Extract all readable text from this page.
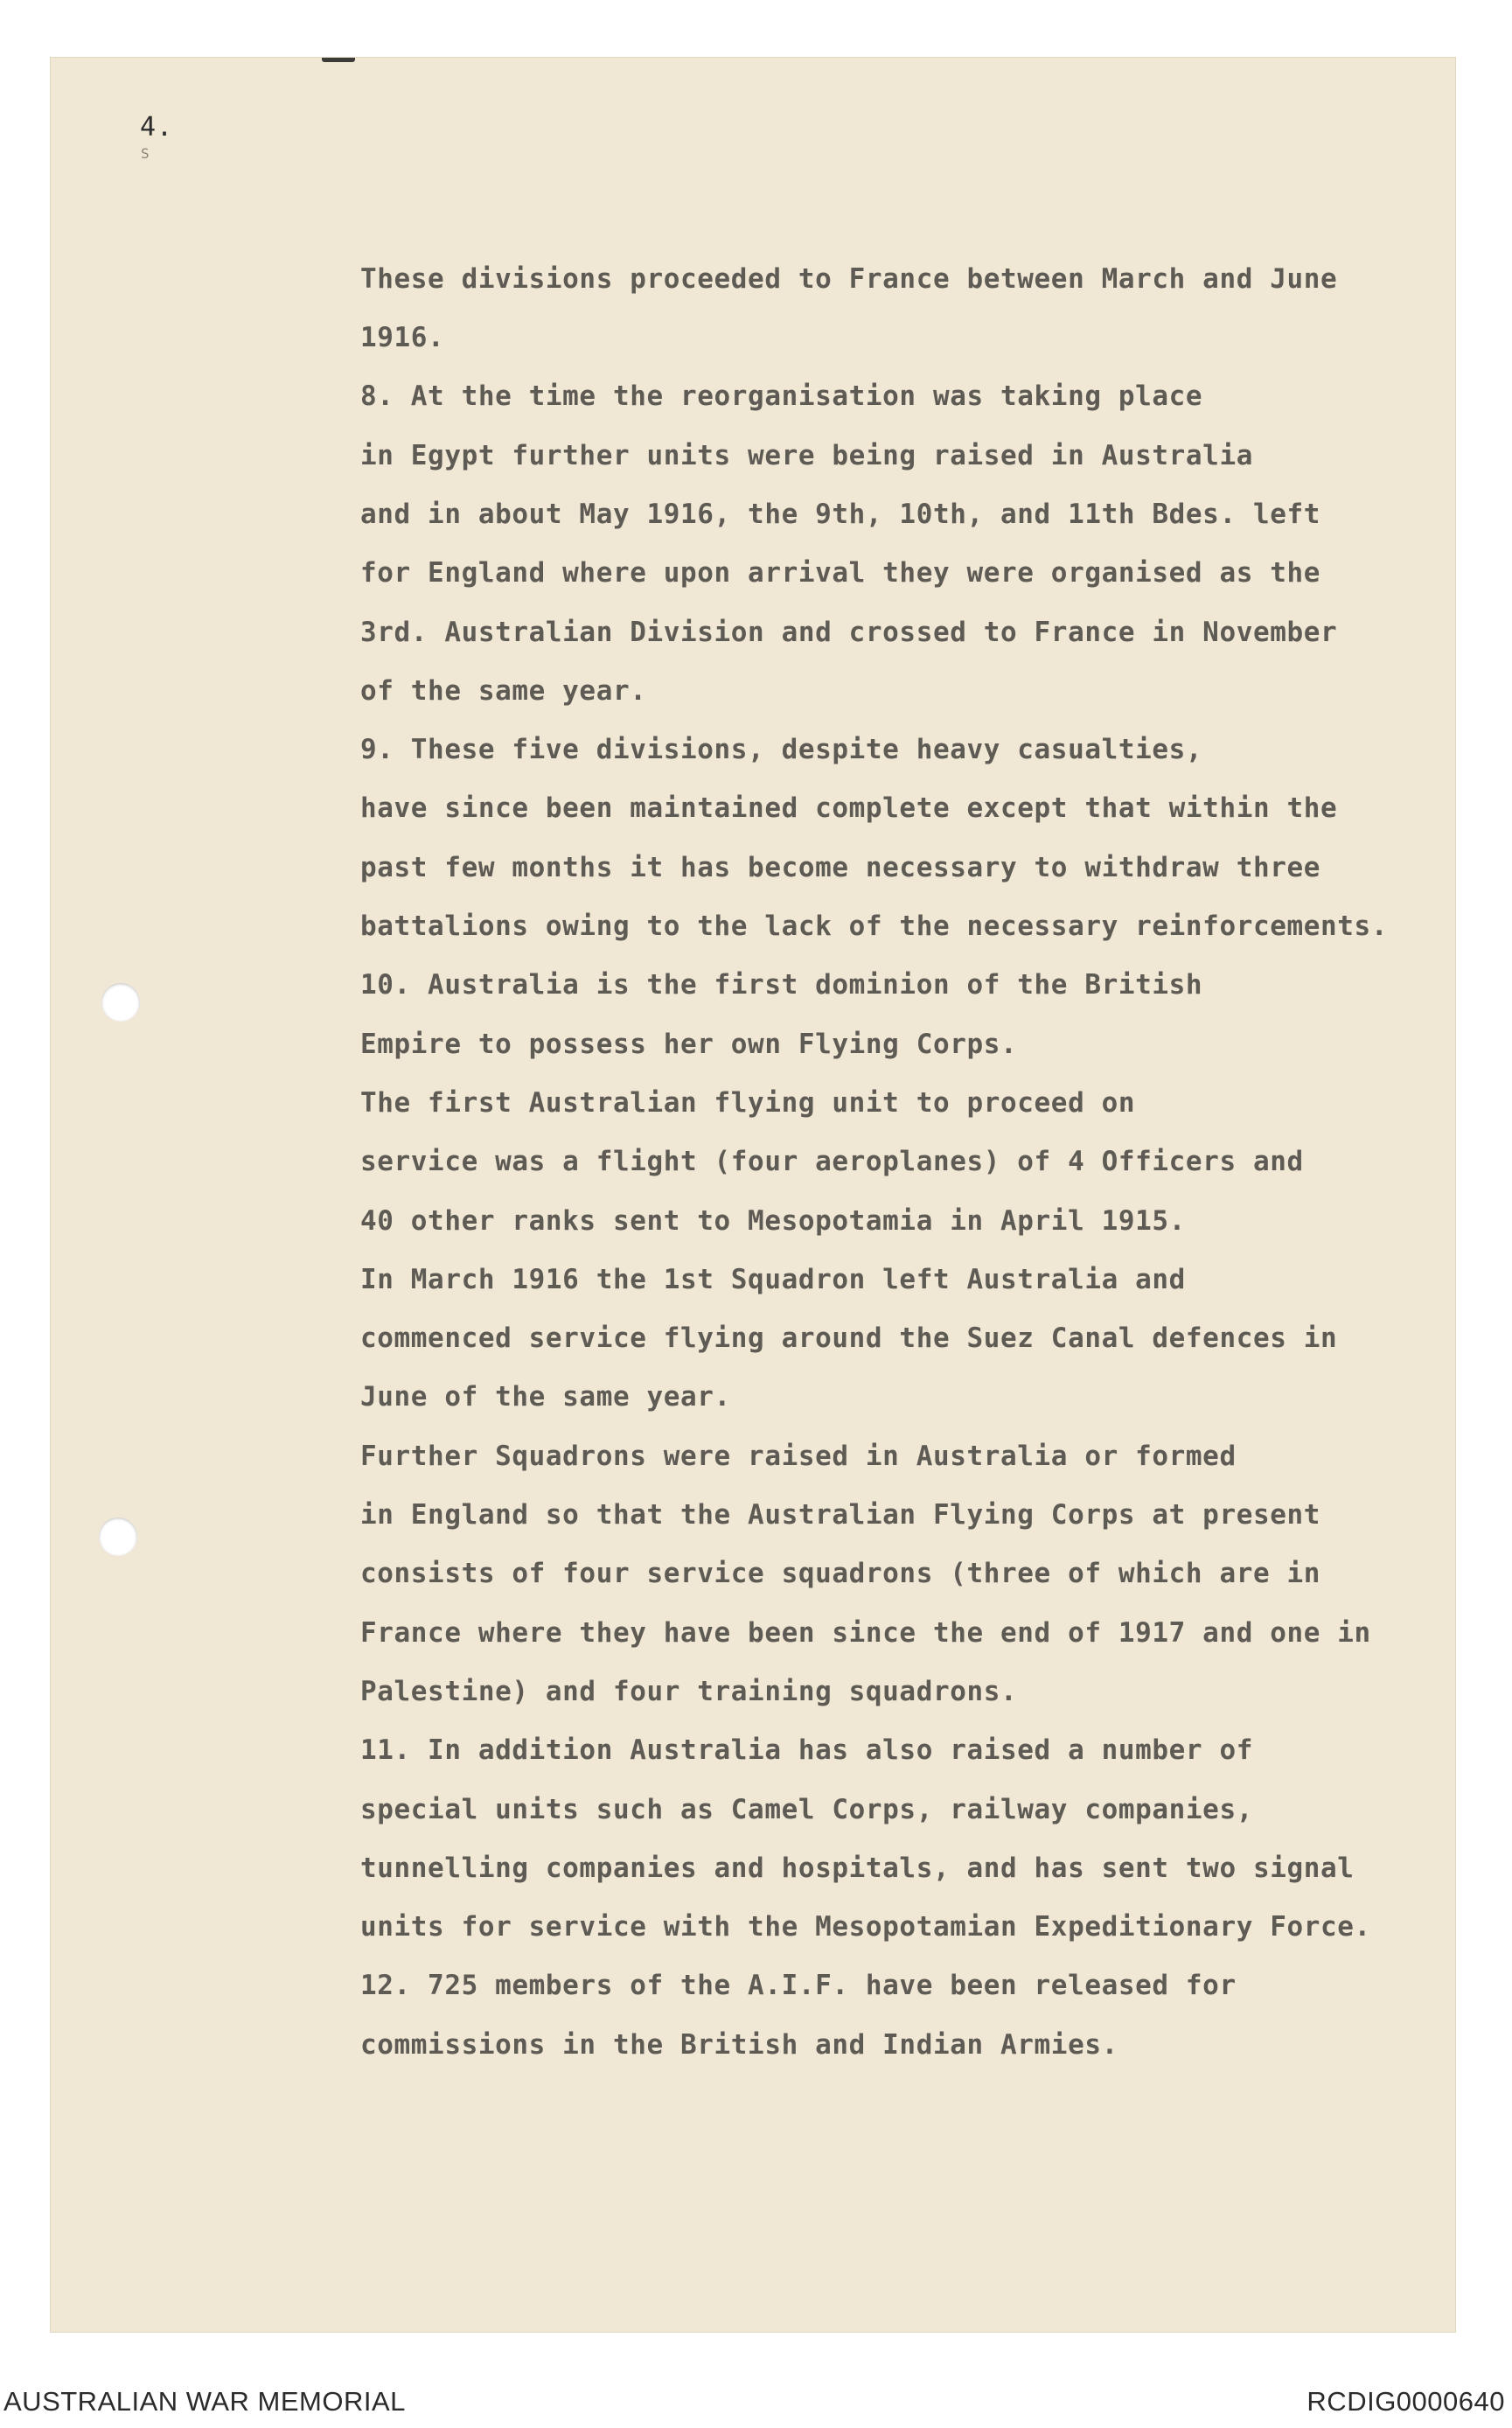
4.
S
These divisions proceeded to France between March and June
1916.
8. At the time the reorganisation was taking place
in Egypt further units were being raised in Australia
and in about May 1916, the 9th, 10th, and 11th Bdes. left
for England where upon arrival they were organised as the
3rd. Australian Division and crossed to France in November
of the same year.
9. These five divisions, despite heavy casualties,
have since been maintained complete except that within the
past few months it has become necessary to withdraw three
battalions owing to the lack of the necessary reinforcements.
10. Australia is the first dominion of the British
Empire to possess her own Flying Corps.
The first Australian flying unit to proceed on
service was a flight (four aeroplanes) of 4 Officers and
40 other ranks sent to Mesopotamia in April 1915.
In March 1916 the 1st Squadron left Australia and
commenced service flying around the Suez Canal defences in
June of the same year.
Further Squadrons were raised in Australia or formed
in England so that the Australian Flying Corps at present
consists of four service squadrons (three of which are in
France where they have been since the end of 1917 and one in
Palestine) and four training squadrons.
11. In addition Australia has also raised a number of
special units such as Camel Corps, railway companies,
tunnelling companies and hospitals, and has sent two signal
units for service with the Mesopotamian Expeditionary Force.
12. 725 members of the A.I.F. have been released for
commissions in the British and Indian Armies.
AUSTRALIAN WAR MEMORIAL	RCDIG0000640
